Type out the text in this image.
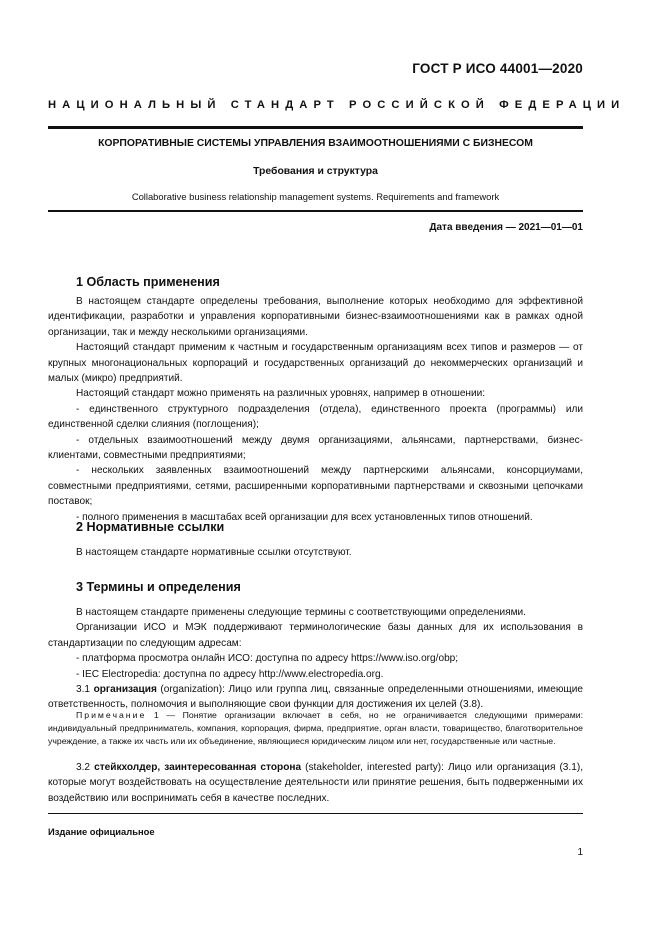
ГОСТ Р ИСО 44001—2020
НАЦИОНАЛЬНЫЙ СТАНДАРТ РОССИЙСКОЙ ФЕДЕРАЦИИ
КОРПОРАТИВНЫЕ СИСТЕМЫ УПРАВЛЕНИЯ ВЗАИМООТНОШЕНИЯМИ С БИЗНЕСОМ
Требования и структура
Collaborative business relationship management systems. Requirements and framework
Дата введения — 2021—01—01
1 Область применения

В настоящем стандарте определены требования, выполнение которых необходимо для эффективной идентификации, разработки и управления корпоративными бизнес-взаимоотношениями как в рамках одной организации, так и между несколькими организациями.

Настоящий стандарт применим к частным и государственным организациям всех типов и размеров — от крупных многонациональных корпораций и государственных организаций до некоммерческих организаций и малых (микро) предприятий.

Настоящий стандарт можно применять на различных уровнях, например в отношении:

- единственного структурного подразделения (отдела), единственного проекта (программы) или единственной сделки слияния (поглощения);

- отдельных взаимоотношений между двумя организациями, альянсами, партнерствами, бизнес-клиентами, совместными предприятиями;

- нескольких заявленных взаимоотношений между партнерскими альянсами, консорциумами, совместными предприятиями, сетями, расширенными корпоративными партнерствами и сквозными цепочками поставок;

- полного применения в масштабах всей организации для всех установленных типов отношений.

2 Нормативные ссылки

В настоящем стандарте нормативные ссылки отсутствуют.

3 Термины и определения

В настоящем стандарте применены следующие термины с соответствующими определениями.

Организации ИСО и МЭК поддерживают терминологические базы данных для их использования в стандартизации по следующим адресам:

- платформа просмотра онлайн ИСО: доступна по адресу https://www.iso.org/obp;

- IEC Electropedia: доступна по адресу http://www.electropedia.org.

3.1 организация (organization): Лицо или группа лиц, связанные определенными отношениями, имеющие ответственность, полномочия и выполняющие свои функции для достижения их целей (3.8).

Примечание 1 — Понятие организации включает в себя, но не ограничивается следующими примерами: индивидуальный предприниматель, компания, корпорация, фирма, предприятие, орган власти, товарищество, благотворительное учреждение, а также их часть или их объединение, являющиеся юридическим лицом или нет, государственные или частные.

3.2 стейкхолдер, заинтересованная сторона (stakeholder, interested party): Лицо или организация (3.1), которые могут воздействовать на осуществление деятельности или принятие решения, быть подверженными их воздействию или воспринимать себя в качестве последних.

Издание официальное
1
